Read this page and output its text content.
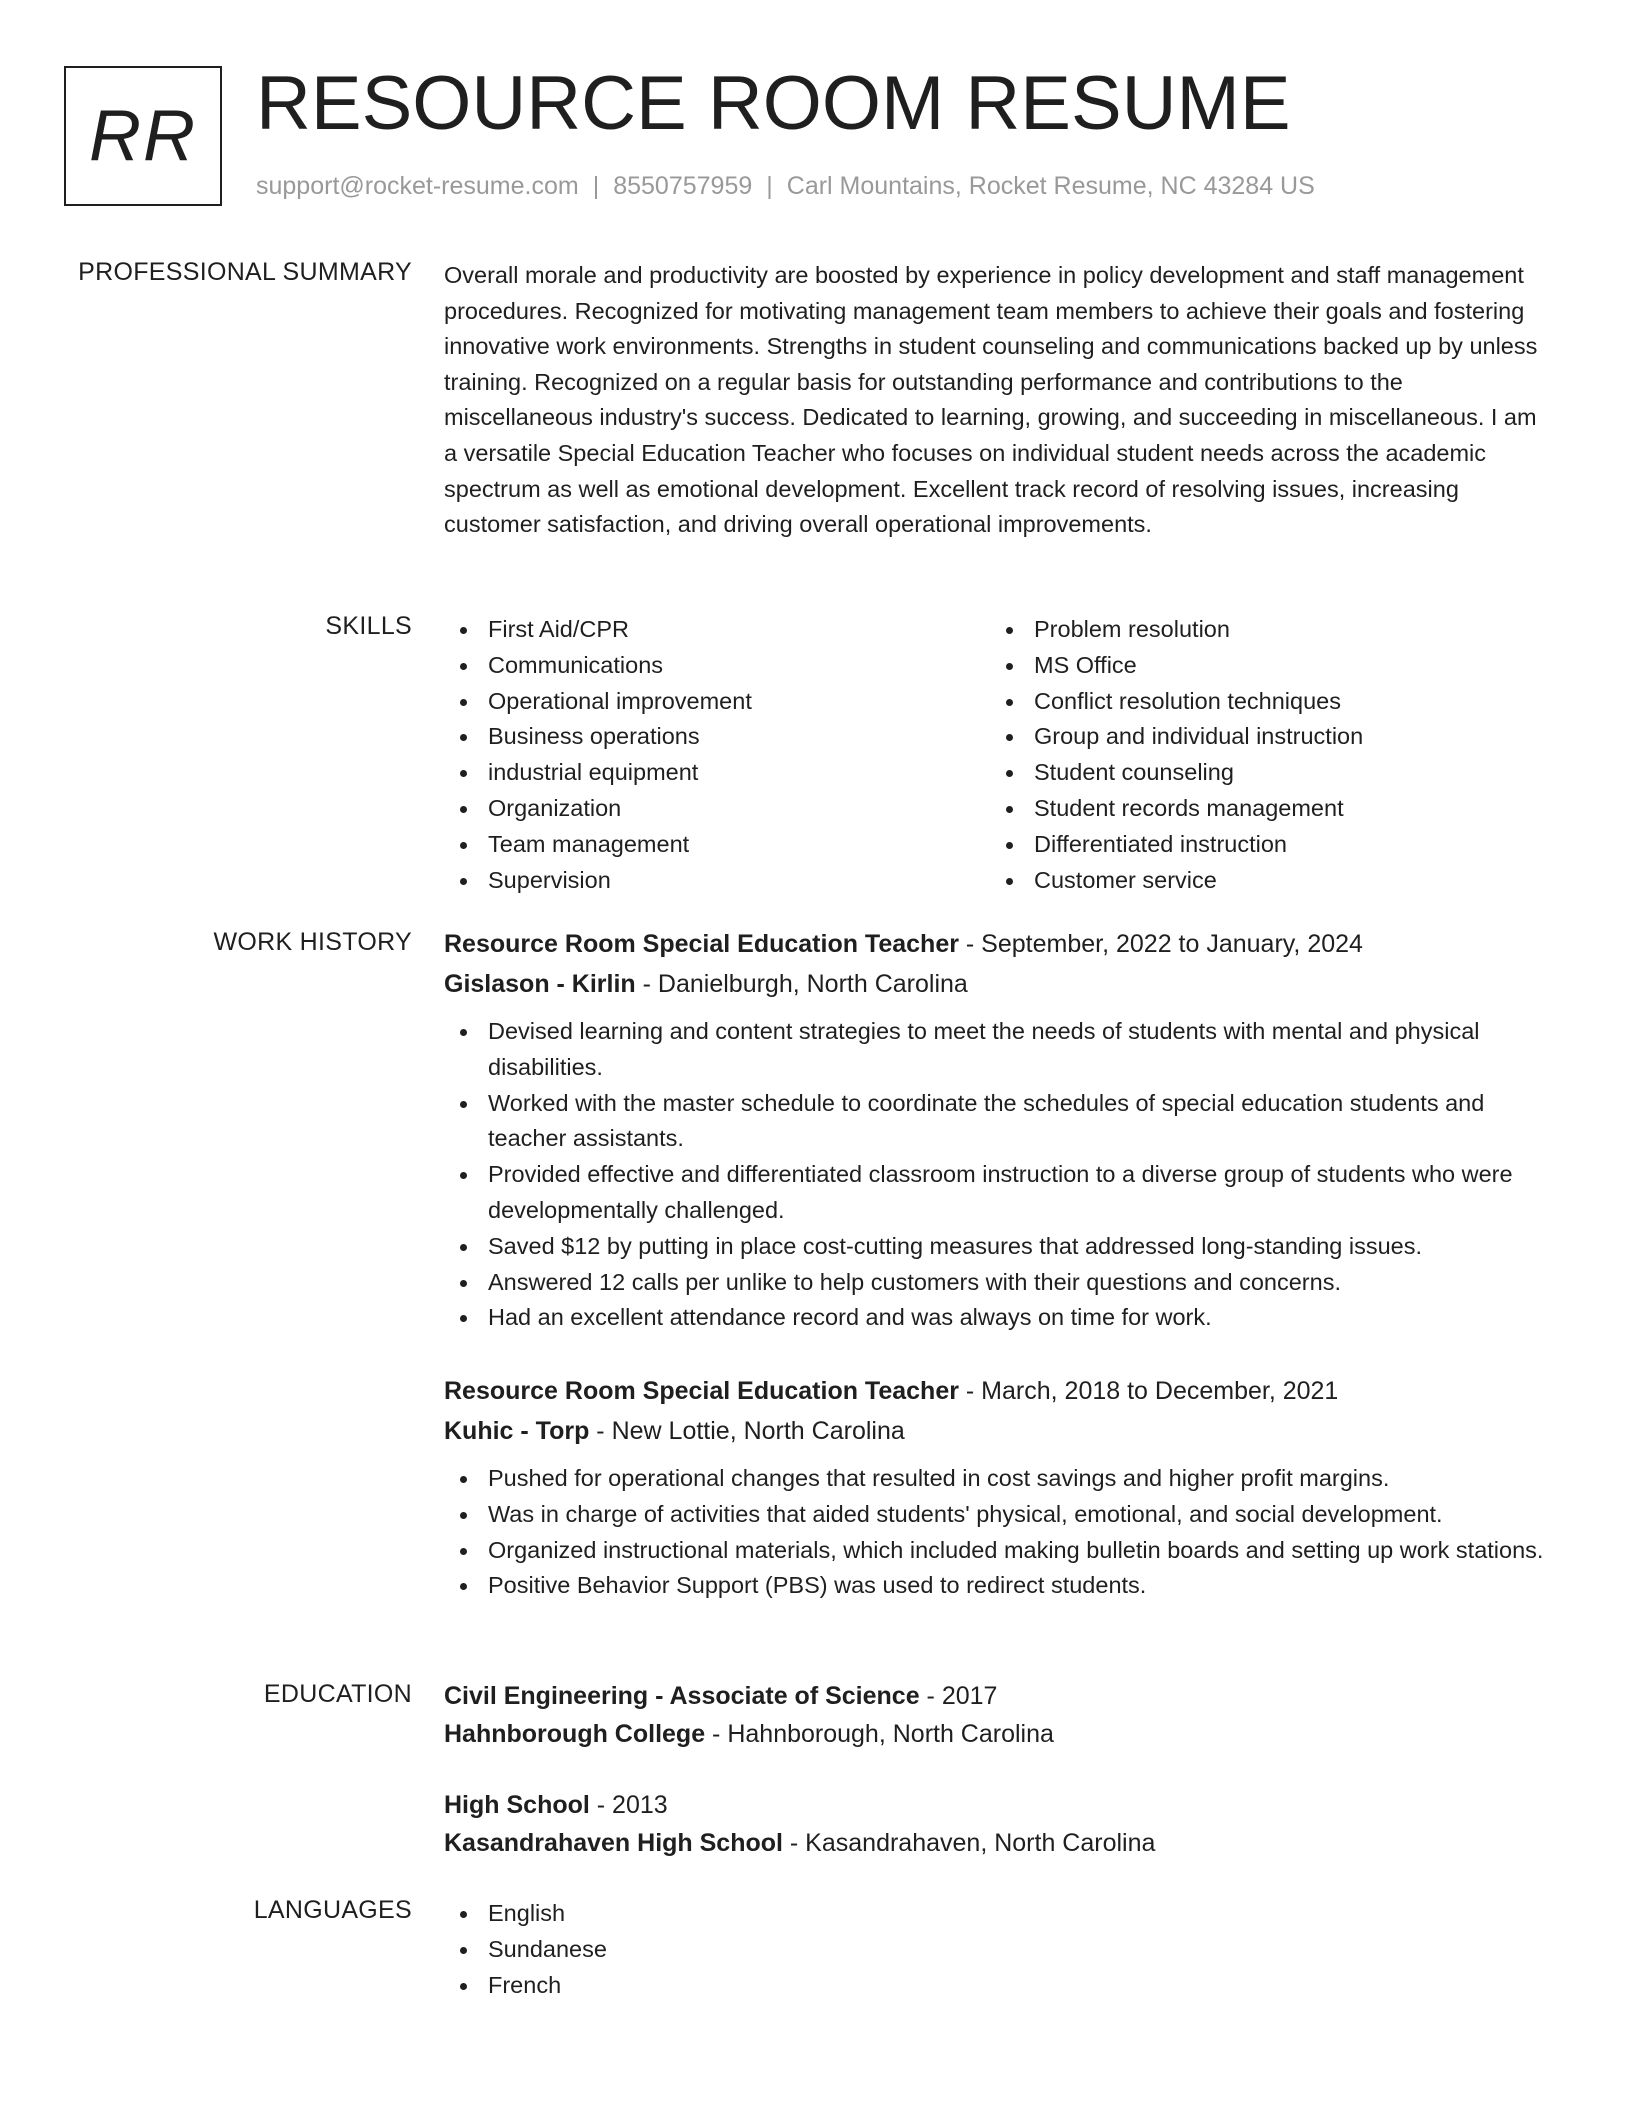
RR RESOURCE ROOM RESUME
support@rocket-resume.com | 8550757959 | Carl Mountains, Rocket Resume, NC 43284 US
PROFESSIONAL SUMMARY Overall morale and productivity are boosted by experience in policy development and staff management procedures. Recognized for motivating management team members to achieve their goals and fostering innovative work environments. Strengths in student counseling and communications backed up by unless training. Recognized on a regular basis for outstanding performance and contributions to the miscellaneous industry's success. Dedicated to learning, growing, and succeeding in miscellaneous. I am a versatile Special Education Teacher who focuses on individual student needs across the academic spectrum as well as emotional development. Excellent track record of resolving issues, increasing customer satisfaction, and driving overall operational improvements.

SKILLS	First Aid/CPR
Communications
Operational improvement
Business operations
industrial equipment
Organization
Team management
Supervision
Problem resolution
MS Office
Conflict resolution techniques
Group and individual instruction
Student counseling
Student records management
Differentiated instruction
Customer service
WORK HISTORY Resource Room Special Education Teacher - September, 2022 to January, 2024
Gislason - Kirlin - Danielburgh, North Carolina
Devised learning and content strategies to meet the needs of students with mental and physical disabilities.
Worked with the master schedule to coordinate the schedules of special education students and teacher assistants.
Provided effective and differentiated classroom instruction to a diverse group of students who were developmentally challenged.
Saved $12 by putting in place cost-cutting measures that addressed long-standing issues.
Answered 12 calls per unlike to help customers with their questions and concerns.
Had an excellent attendance record and was always on time for work.
Resource Room Special Education Teacher - March, 2018 to December, 2021
Kuhic - Torp - New Lottie, North Carolina
Pushed for operational changes that resulted in cost savings and higher profit margins.
Was in charge of activities that aided students' physical, emotional, and social development.
Organized instructional materials, which included making bulletin boards and setting up work stations.
Positive Behavior Support (PBS) was used to redirect students.
EDUCATION Civil Engineering - Associate of Science - 2017
Hahnborough College - Hahnborough, North Carolina
High School - 2013
Kasandrahaven High School - Kasandrahaven, North Carolina
LANGUAGES	English
Sundanese
French
